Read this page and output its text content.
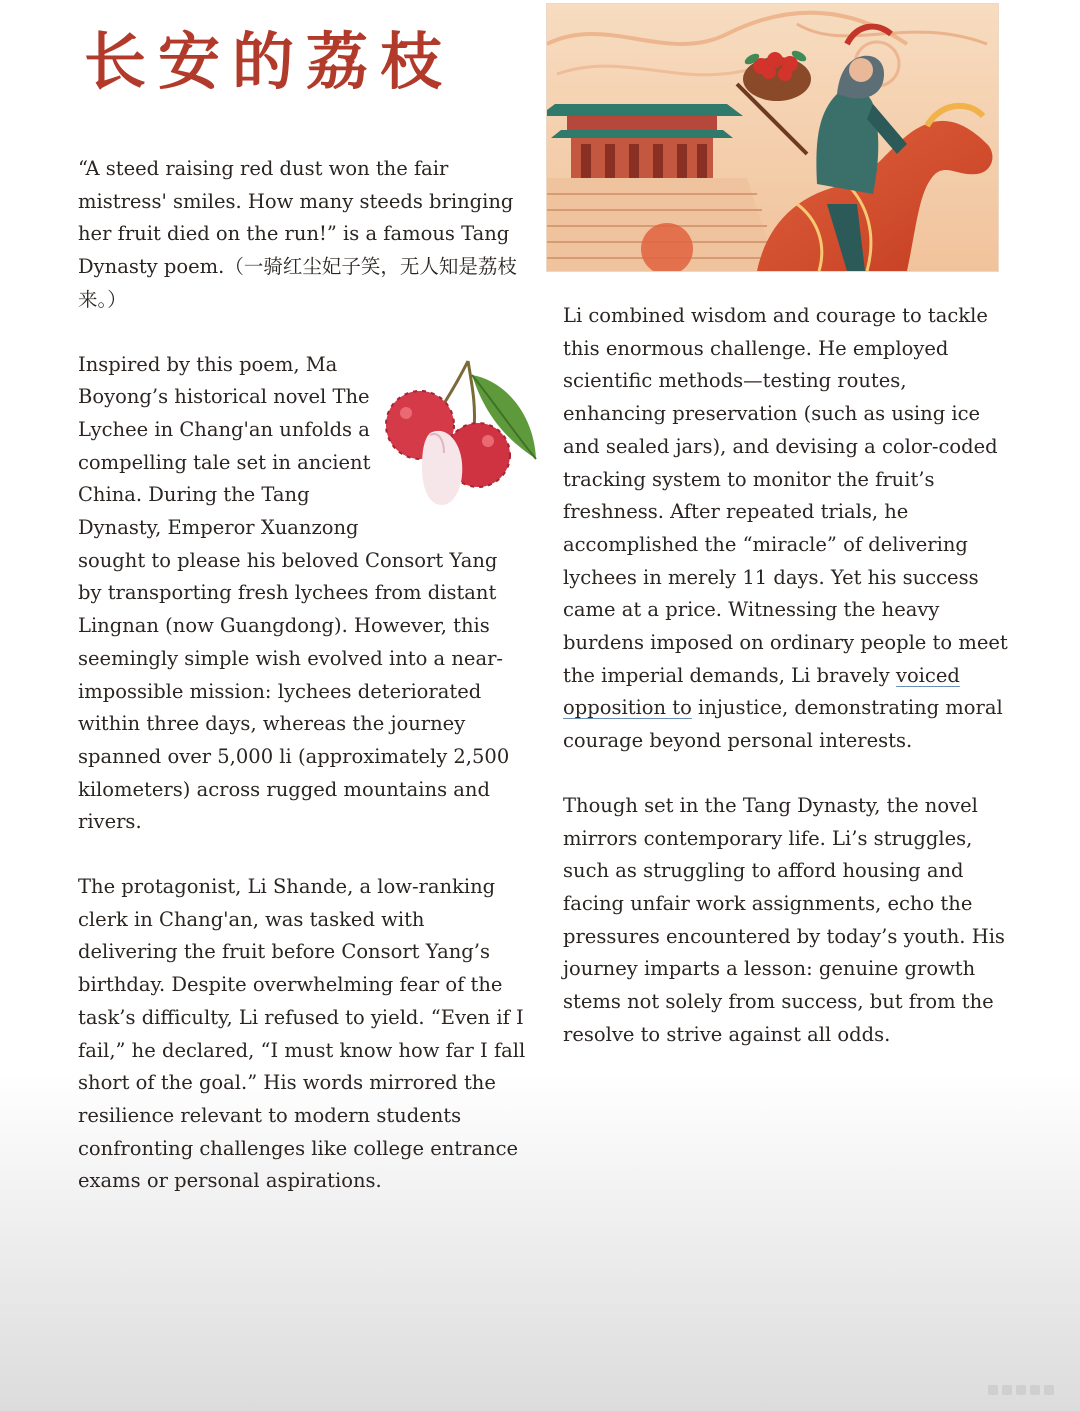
长安的荔枝

“A steed raising red dust won the fair mistress' smiles. How many steeds bringing her fruit died on the run!” is a famous Tang Dynasty poem.（一骑红尘妃子笑，无人知是荔枝来。）

Inspired by this poem, Ma Boyong’s historical novel The Lychee in Chang'an unfolds a compelling tale set in ancient China. During the Tang Dynasty, Emperor Xuanzong sought to please his beloved Consort Yang by transporting fresh lychees from distant Lingnan (now Guangdong). However, this seemingly simple wish evolved into a near-impossible mission: lychees deteriorated within three days, whereas the journey spanned over 5,000 li (approximately 2,500 kilometers) across rugged mountains and rivers.

The protagonist, Li Shande, a low-ranking clerk in Chang'an, was tasked with delivering the fruit before Consort Yang’s birthday. Despite overwhelming fear of the task’s difficulty, Li refused to yield. “Even if I fail,” he declared, “I must know how far I fall short of the goal.” His words mirrored the resilience relevant to modern students confronting challenges like college entrance exams or personal aspirations.

Li combined wisdom and courage to tackle this enormous challenge. He employed scientific methods—testing routes, enhancing preservation (such as using ice and sealed jars), and devising a color-coded tracking system to monitor the fruit’s freshness. After repeated trials, he accomplished the “miracle” of delivering lychees in merely 11 days. Yet his success came at a price. Witnessing the heavy burdens imposed on ordinary people to meet the imperial demands, Li bravely voiced opposition to injustice, demonstrating moral courage beyond personal interests.

Though set in the Tang Dynasty, the novel mirrors contemporary life. Li’s struggles, such as struggling to afford housing and facing unfair work assignments, echo the pressures encountered by today’s youth. His journey imparts a lesson: genuine growth stems not solely from success, but from the resolve to strive against all odds.
